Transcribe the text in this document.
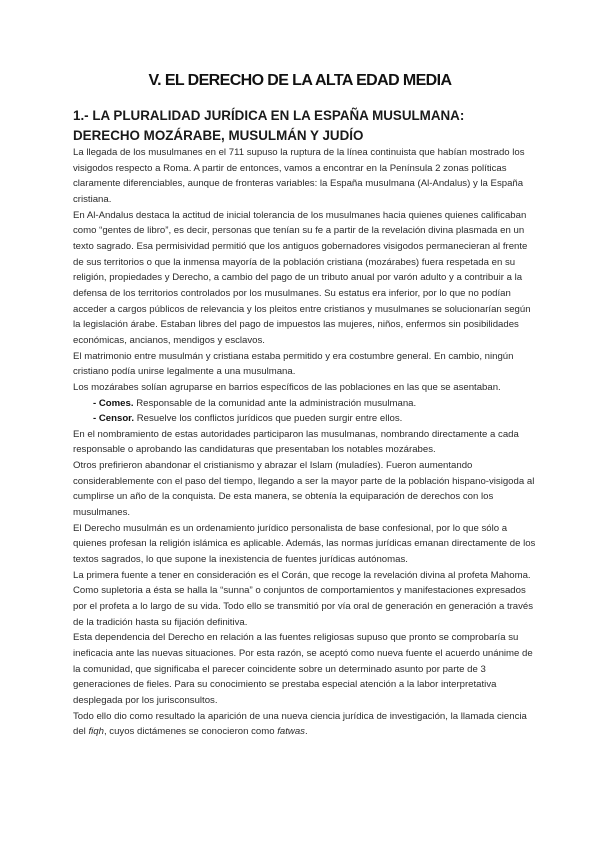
V. EL DERECHO DE LA ALTA EDAD MEDIA
1.- LA PLURALIDAD JURÍDICA EN LA ESPAÑA MUSULMANA: DERECHO MOZÁRABE, MUSULMÁN Y JUDÍO

La llegada de los musulmanes en el 711 supuso la ruptura de la línea continuista que habían mostrado los visigodos respecto a Roma. A partir de entonces, vamos a encontrar en la Península 2 zonas políticas claramente diferenciables, aunque de fronteras variables: la España musulmana (Al-Andalus) y la España cristiana.

En Al-Andalus destaca la actitud de inicial tolerancia de los musulmanes hacia quienes quienes calificaban como “gentes de libro”, es decir, personas que tenían su fe a partir de la revelación divina plasmada en un texto sagrado. Esa permisividad permitió que los antiguos gobernadores visigodos permanecieran al frente de sus territorios o que la inmensa mayoría de la población cristiana (mozárabes) fuera respetada en su religión, propiedades y Derecho, a cambio del pago de un tributo anual por varón adulto y a contribuir a la defensa de los territorios controlados por los musulmanes. Su estatus era inferior, por lo que no podían acceder a cargos públicos de relevancia y los pleitos entre cristianos y musulmanes se solucionarían según la legislación árabe. Estaban libres del pago de impuestos las mujeres, niños, enfermos sin posibilidades económicas, ancianos, mendigos y esclavos.

El matrimonio entre musulmán y cristiana estaba permitido y era costumbre general. En cambio, ningún cristiano podía unirse legalmente a una musulmana.

Los mozárabes solían agruparse en barrios específicos de las poblaciones en las que se asentaban.

- Comes. Responsable de la comunidad ante la administración musulmana.
- Censor. Resuelve los conflictos jurídicos que pueden surgir entre ellos.

En el nombramiento de estas autoridades participaron las musulmanas, nombrando directamente a cada responsable o aprobando las candidaturas que presentaban los notables mozárabes.

Otros prefirieron abandonar el cristianismo y abrazar el Islam (muladíes). Fueron aumentando considerablemente con el paso del tiempo, llegando a ser la mayor parte de la población hispano-visigoda al cumplirse un año de la conquista. De esta manera, se obtenía la equiparación de derechos con los musulmanes.

El Derecho musulmán es un ordenamiento jurídico personalista de base confesional, por lo que sólo a quienes profesan la religión islámica es aplicable. Además, las normas jurídicas emanan directamente de los textos sagrados, lo que supone la inexistencia de fuentes jurídicas autónomas.

La primera fuente a tener en consideración es el Corán, que recoge la revelación divina al profeta Mahoma. Como supletoria a ésta se halla la “sunna” o conjuntos de comportamientos y manifestaciones expresados por el profeta a lo largo de su vida. Todo ello se transmitió por vía oral de generación en generación a través de la tradición hasta su fijación definitiva.

Esta dependencia del Derecho en relación a las fuentes religiosas supuso que pronto se comprobaría su ineficacia ante las nuevas situaciones. Por esta razón, se aceptó como nueva fuente el acuerdo unánime de la comunidad, que significaba el parecer coincidente sobre un determinado asunto por parte de 3 generaciones de fieles. Para su conocimiento se prestaba especial atención a la labor interpretativa desplegada por los jurisconsultos.

Todo ello dio como resultado la aparición de una nueva ciencia jurídica de investigación, la llamada ciencia del fiqh, cuyos dictámenes se conocieron como fatwas.
